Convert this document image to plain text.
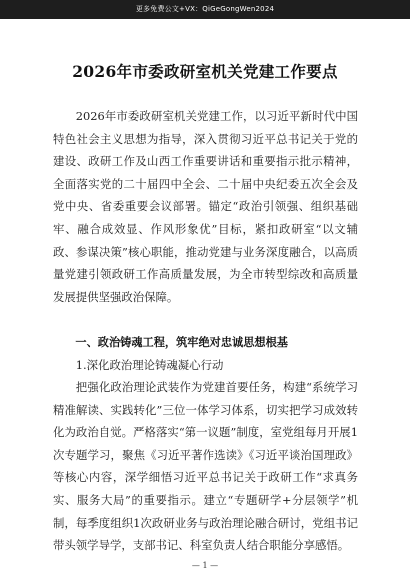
更多免费公文+VX：QiGeGongWen2024
2026年市委政研室机关党建工作要点

2026年市委政研室机关党建工作，以习近平新时代中国特色社会主义思想为指导，深入贯彻习近平总书记关于党的建设、政研工作及山西工作重要讲话和重要指示批示精神，全面落实党的二十届四中全会、二十届中央纪委五次全会及党中央、省委重要会议部署。锚定“政治引领强、组织基础牢、融合成效显、作风形象优”目标，紧扣政研室“以文辅政、参谋决策”核心职能，推动党建与业务深度融合，以高质量党建引领政研工作高质量发展，为全市转型综改和高质量发展提供坚强政治保障。

一、政治铸魂工程，筑牢绝对忠诚思想根基
1.深化政治理论铸魂凝心行动

把强化政治理论武装作为党建首要任务，构建“系统学习精准解读、实践转化”三位一体学习体系，切实把学习成效转化为政治自觉。严格落实“第一议题”制度，室党组每月开展1次专题学习，聚焦《习近平著作选读》《习近平谈治国理政》等核心内容，深学细悟习近平总书记关于政研工作“求真务实、服务大局”的重要指示。建立“专题研学+分层领学”机制，每季度组织1次政研业务与政治理论融合研讨，党组书记带头领学导学，支部书记、科室负责人结合职能分享感悟。

— 1 —
